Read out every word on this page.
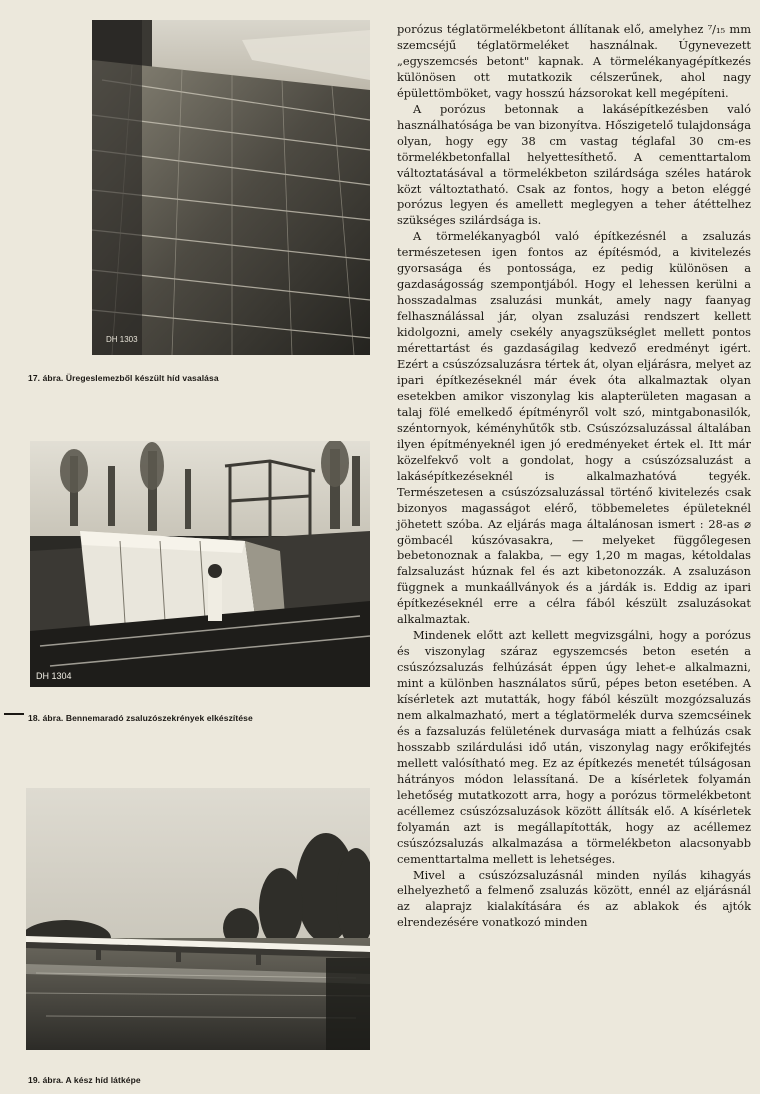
DH 1303
17. ábra. Üregeslemezből készült híd vasalása
DH 1304
18. ábra. Bennemaradó zsaluzószekrények elkészítése
19. ábra. A kész híd látképe

porózus téglatörmelékbetont állítanak elő, amelyhez ⁷/₁₅ mm szemcséjű téglatörmeléket használnak. Úgynevezett „egyszemcsés betont" kapnak. A törmelékanyagépítkezés különösen ott mutatkozik célszerűnek, ahol nagy épülettömböket, vagy hosszú házsorokat kell megépíteni.

A porózus betonnak a lakásépítkezésben való használhatósága be van bizonyítva. Hőszigetelő tulajdonsága olyan, hogy egy 38 cm vastag téglafal 30 cm-es törmelékbetonfallal helyettesíthető. A cementtartalom változtatásával a törmelékbeton szilárdsága széles határok közt változtatható. Csak az fontos, hogy a beton eléggé porózus legyen és amellett meglegyen a teher átéttelhez szükséges szilárdsága is.

A törmelékanyagból való építkezésnél a zsaluzás természetesen igen fontos az építésmód, a kivitelezés gyorsasága és pontossága, ez pedig különösen a gazdaságosság szempontjából. Hogy el lehessen kerülni a hosszadalmas zsaluzási munkát, amely nagy faanyag felhasználással jár, olyan zsaluzási rendszert kellett kidolgozni, amely csekély anyagszükséglet mellett pontos mérettartást és gazdaságilag kedvező eredményt igért. Ezért a csúszózsaluzásra tértek át, olyan eljárásra, melyet az ipari építkezéseknél már évek óta alkalmaztak olyan esetekben amikor viszonylag kis alapterületen magasan a talaj fölé emelkedő építményről volt szó, mintgabonasilók, széntornyok, kéményhűtők stb. Csúszózsaluzással általában ilyen építményeknél igen jó eredményeket értek el. Itt már közelfekvő volt a gondolat, hogy a csúszózsaluzást a lakásépítkezéseknél is alkalmazhatóvá tegyék. Természetesen a csúszózsaluzással történő kivitelezés csak bizonyos magasságot elérő, többemeletes épületeknél jöhetett szóba. Az eljárás maga általánosan ismert : 28-as ⌀ gömbacél kúszóvasakra, — melyeket függőlegesen bebetonoznak a falakba, — egy 1,20 m magas, kétoldalas falzsaluzást húznak fel és azt kibetonozzák. A zsaluzáson függnek a munkaállványok és a járdák is. Eddig az ipari építkezéseknél erre a célra fából készült zsaluzásokat alkalmaztak.

Mindenek előtt azt kellett megvizsgálni, hogy a porózus és viszonylag száraz egyszemcsés beton esetén a csúszózsaluzás felhúzását éppen úgy lehet-e alkalmazni, mint a különben használatos sűrű, pépes beton esetében. A kísérletek azt mutatták, hogy fából készült mozgózsaluzás nem alkalmazható, mert a téglatörmelék durva szemcséinek és a fazsaluzás felületének durvasága miatt a felhúzás csak hosszabb szilárdulási idő után, viszonylag nagy erőkifejtés mellett valósítható meg. Ez az építkezés menetét túlságosan hátrányos módon lelassítaná. De a kísérletek folyamán lehetőség mutatkozott arra, hogy a porózus törmelékbetont acéllemez csúszózsaluzások között állítsák elő. A kísérletek folyamán azt is megállapították, hogy az acéllemez csúszózsaluzás alkalmazása a törmelékbeton alacsonyabb cementtartalma mellett is lehetséges.

Mivel a csúszózsaluzásnál minden nyílás kihagyás elhelyezhető a felmenő zsaluzás között, ennél az eljárásnál az alaprajz kialakítására és az ablakok és ajtók elrendezésére vonatkozó minden
